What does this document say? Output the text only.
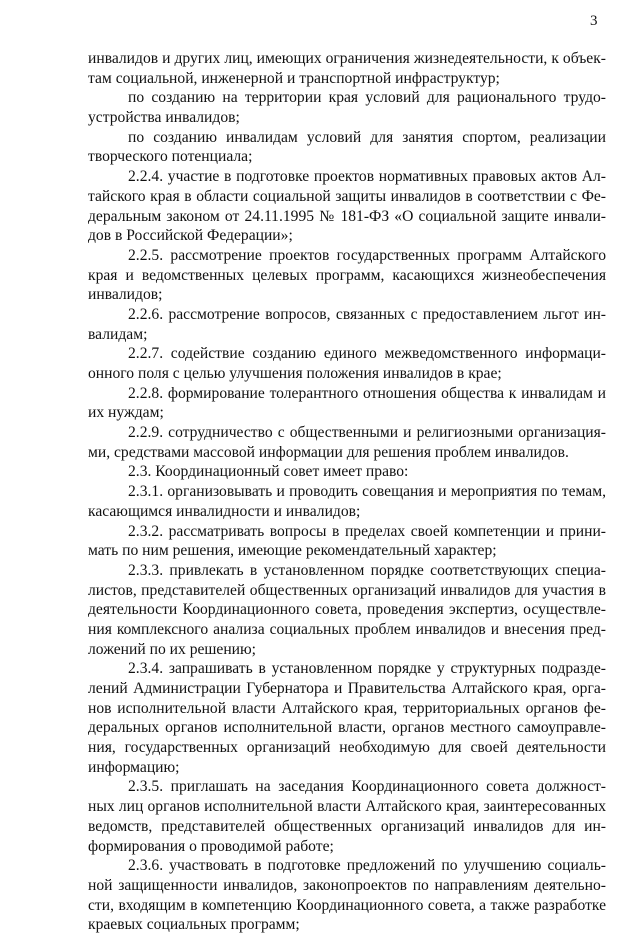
3
инвалидов и других лиц, имеющих ограничения жизнедеятельности, к объек-
там социальной, инженерной и транспортной инфраструктур;
по созданию на территории края условий для рационального трудо-
устройства инвалидов;
по созданию инвалидам условий для занятия спортом, реализации
творческого потенциала;
2.2.4. участие в подготовке проектов нормативных правовых актов Ал-
тайского края в области социальной защиты инвалидов в соответствии с Фе-
деральным законом от 24.11.1995 № 181-ФЗ «О социальной защите инвали-
дов в Российской Федерации»;
2.2.5. рассмотрение проектов государственных программ Алтайского
края и ведомственных целевых программ, касающихся жизнеобеспечения
инвалидов;
2.2.6. рассмотрение вопросов, связанных с предоставлением льгот ин-
валидам;
2.2.7. содействие созданию единого межведомственного информаци-
онного поля с целью улучшения положения инвалидов в крае;
2.2.8. формирование толерантного отношения общества к инвалидам и
их нуждам;
2.2.9. сотрудничество с общественными и религиозными организация-
ми, средствами массовой информации для решения проблем инвалидов.
2.3. Координационный совет имеет право:
2.3.1. организовывать и проводить совещания и мероприятия по темам,
касающимся инвалидности и инвалидов;
2.3.2. рассматривать вопросы в пределах своей компетенции и прини-
мать по ним решения, имеющие рекомендательный характер;
2.3.3. привлекать в установленном порядке соответствующих специа-
листов, представителей общественных организаций инвалидов для участия в
деятельности Координационного совета, проведения экспертиз, осуществле-
ния комплексного анализа социальных проблем инвалидов и внесения пред-
ложений по их решению;
2.3.4. запрашивать в установленном порядке у структурных подразде-
лений Администрации Губернатора и Правительства Алтайского края, орга-
нов исполнительной власти Алтайского края, территориальных органов фе-
деральных органов исполнительной власти, органов местного самоуправле-
ния, государственных организаций необходимую для своей деятельности
информацию;
2.3.5. приглашать на заседания Координационного совета должност-
ных лиц органов исполнительной власти Алтайского края, заинтересованных
ведомств, представителей общественных организаций инвалидов для ин-
формирования о проводимой работе;
2.3.6. участвовать в подготовке предложений по улучшению социаль-
ной защищенности инвалидов, законопроектов по направлениям деятельно-
сти, входящим в компетенцию Координационного совета, а также разработке
краевых социальных программ;
